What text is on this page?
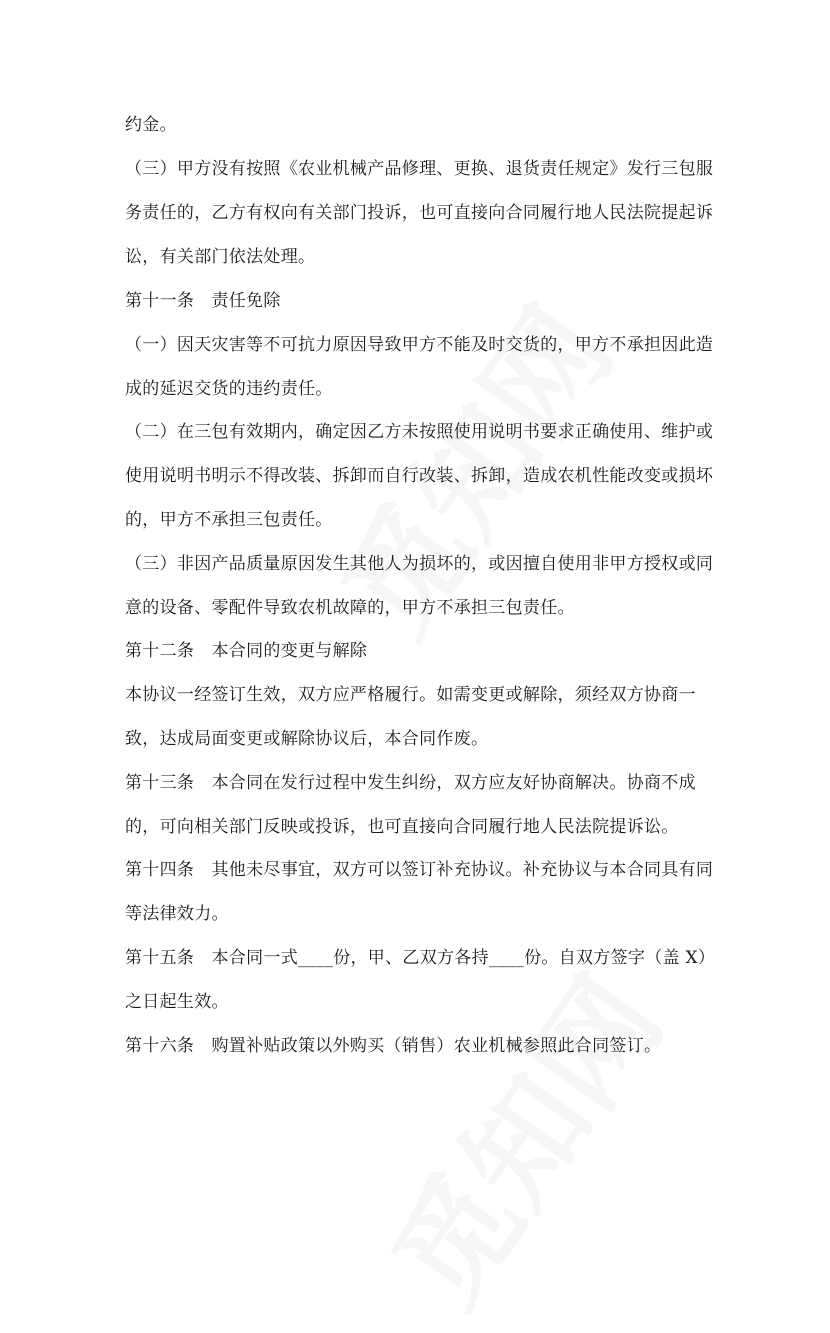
约金。
（三）甲方没有按照《农业机械产品修理、更换、退货责任规定》发行三包服
务责任的，乙方有权向有关部门投诉，也可直接向合同履行地人民法院提起诉
讼，有关部门依法处理。
第十一条　责任免除
（一）因天灾害等不可抗力原因导致甲方不能及时交货的，甲方不承担因此造
成的延迟交货的违约责任。
（二）在三包有效期内，确定因乙方未按照使用说明书要求正确使用、维护或
使用说明书明示不得改装、拆卸而自行改装、拆卸，造成农机性能改变或损坏
的，甲方不承担三包责任。
（三）非因产品质量原因发生其他人为损坏的，或因擅自使用非甲方授权或同
意的设备、零配件导致农机故障的，甲方不承担三包责任。
第十二条　本合同的变更与解除
本协议一经签订生效，双方应严格履行。如需变更或解除，须经双方协商一
致，达成局面变更或解除协议后，本合同作废。
第十三条　本合同在发行过程中发生纠纷，双方应友好协商解决。协商不成
的，可向相关部门反映或投诉，也可直接向合同履行地人民法院提诉讼。
第十四条　其他未尽事宜，双方可以签订补充协议。补充协议与本合同具有同
等法律效力。
第十五条　本合同一式____份，甲、乙双方各持____份。自双方签字（盖 X）
之日起生效。
第十六条　购置补贴政策以外购买（销售）农业机械参照此合同签订。
